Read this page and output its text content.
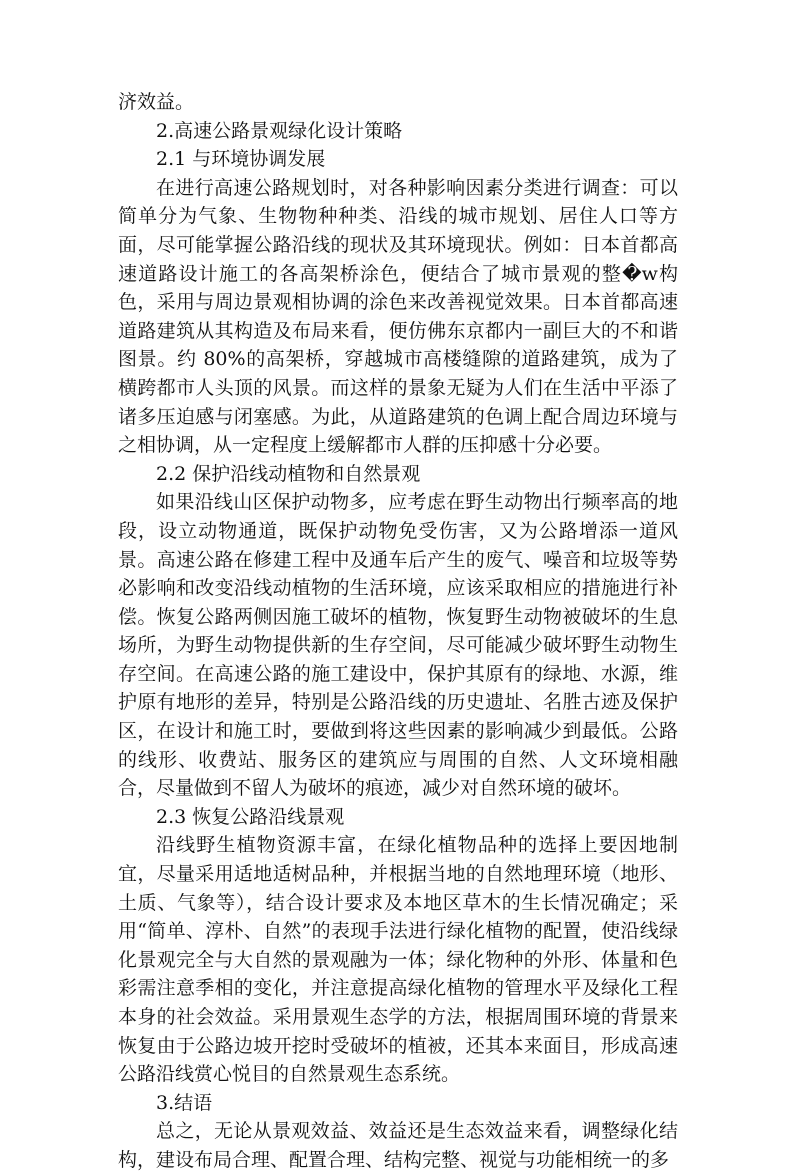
济效益。

2.高速公路景观绿化设计策略

2.1 与环境协调发展

在进行高速公路规划时，对各种影响因素分类进行调查：可以简单分为气象、生物物种种类、沿线的城市规划、居住人口等方面，尽可能掌握公路沿线的现状及其环境现状。例如：日本首都高速道路设计施工的各高架桥涂色，便结合了城市景观的整�w构色，采用与周边景观相协调的涂色来改善视觉效果。日本首都高速道路建筑从其构造及布局来看，便仿佛东京都内一副巨大的不和谐图景。约 80%的高架桥，穿越城市高楼缝隙的道路建筑，成为了横跨都市人头顶的风景。而这样的景象无疑为人们在生活中平添了诸多压迫感与闭塞感。为此，从道路建筑的色调上配合周边环境与之相协调，从一定程度上缓解都市人群的压抑感十分必要。

2.2 保护沿线动植物和自然景观

如果沿线山区保护动物多，应考虑在野生动物出行频率高的地段，设立动物通道，既保护动物免受伤害，又为公路增添一道风景。高速公路在修建工程中及通车后产生的废气、噪音和垃圾等势必影响和改变沿线动植物的生活环境，应该采取相应的措施进行补偿。恢复公路两侧因施工破坏的植物，恢复野生动物被破坏的生息场所，为野生动物提供新的生存空间，尽可能减少破坏野生动物生存空间。在高速公路的施工建设中，保护其原有的绿地、水源，维护原有地形的差异，特别是公路沿线的历史遗址、名胜古迹及保护区，在设计和施工时，要做到将这些因素的影响减少到最低。公路的线形、收费站、服务区的建筑应与周围的自然、人文环境相融合，尽量做到不留人为破坏的痕迹，减少对自然环境的破坏。

2.3 恢复公路沿线景观

沿线野生植物资源丰富，在绿化植物品种的选择上要因地制宜，尽量采用适地适树品种，并根据当地的自然地理环境（地形、土质、气象等），结合设计要求及本地区草木的生长情况确定；采用“简单、淳朴、自然”的表现手法进行绿化植物的配置，使沿线绿化景观完全与大自然的景观融为一体；绿化物种的外形、体量和色彩需注意季相的变化，并注意提高绿化植物的管理水平及绿化工程本身的社会效益。采用景观生态学的方法，根据周围环境的背景来恢复由于公路边坡开挖时受破坏的植被，还其本来面目，形成高速公路沿线赏心悦目的自然景观生态系统。

3.结语

总之，无论从景观效益、效益还是生态效益来看，调整绿化结构，建设布局合理、配置合理、结构完整、视觉与功能相统一的多
